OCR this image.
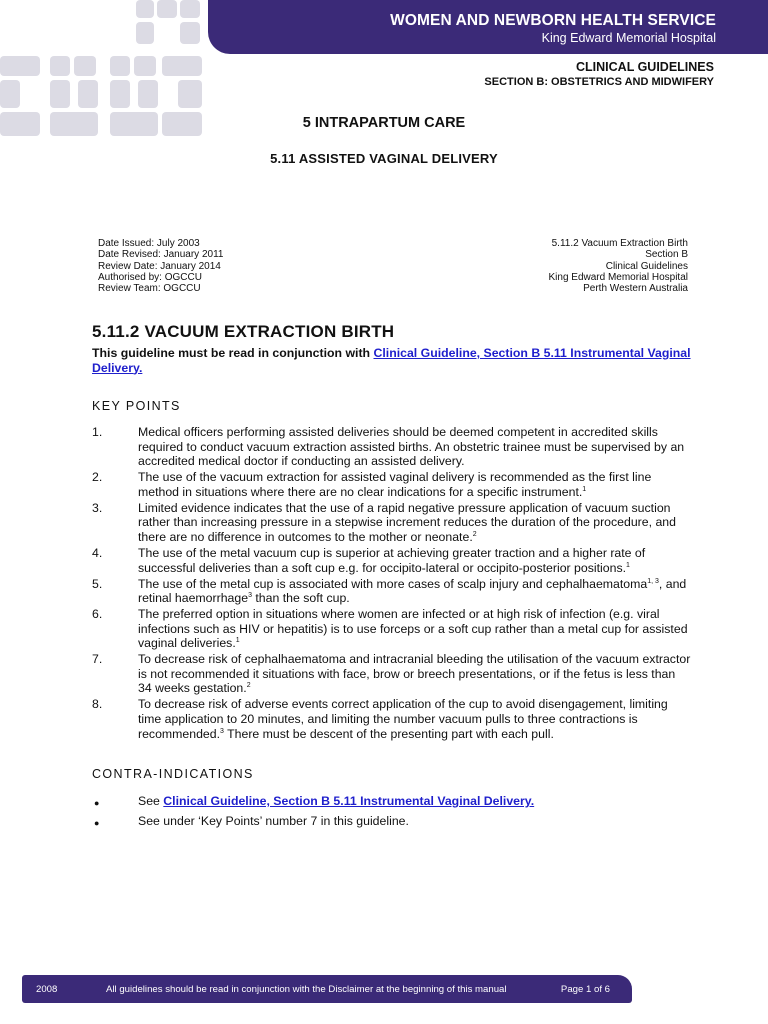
WOMEN AND NEWBORN HEALTH SERVICE
King Edward Memorial Hospital
CLINICAL GUIDELINES
SECTION B: OBSTETRICS AND MIDWIFERY
5 INTRAPARTUM CARE
5.11 ASSISTED VAGINAL DELIVERY
Date Issued: July 2003
Date Revised: January 2011
Review Date: January 2014
Authorised by: OGCCU
Review Team: OGCCU
5.11.2 Vacuum Extraction Birth
Section B
Clinical Guidelines
King Edward Memorial Hospital
Perth Western Australia
5.11.2 VACUUM EXTRACTION BIRTH
This guideline must be read in conjunction with Clinical Guideline, Section B 5.11 Instrumental Vaginal Delivery.
KEY POINTS
1.	Medical officers performing assisted deliveries should be deemed competent in accredited skills required to conduct vacuum extraction assisted births. An obstetric trainee must be supervised by an accredited medical doctor if conducting an assisted delivery.
2.	The use of the vacuum extraction for assisted vaginal delivery is recommended as the first line method in situations where there are no clear indications for a specific instrument.$^1$
3.	Limited evidence indicates that the use of a rapid negative pressure application of vacuum suction rather than increasing pressure in a stepwise increment reduces the duration of the procedure, and there are no difference in outcomes to the mother or neonate.$^2$
4.	The use of the metal vacuum cup is superior at achieving greater traction and a higher rate of successful deliveries than a soft cup e.g. for occipito-lateral or occipito-posterior positions.$^1$
5.	The use of the metal cup is associated with more cases of scalp injury and cephalhaematoma$^{1, 3}$, and retinal haemorrhage$^3$ than the soft cup.
6.	The preferred option in situations where women are infected or at high risk of infection (e.g. viral infections such as HIV or hepatitis) is to use forceps or a soft cup rather than a metal cup for assisted vaginal deliveries.$^1$
7.	To decrease risk of cephalhaematoma and intracranial bleeding the utilisation of the vacuum extractor is not recommended it situations with face, brow or breech presentations, or if the fetus is less than 34 weeks gestation.$^2$
8.	To decrease risk of adverse events correct application of the cup to avoid disengagement, limiting time application to 20 minutes, and limiting the number vacuum pulls to three contractions is recommended.$^3$ There must be descent of the presenting part with each pull.
CONTRA-INDICATIONS
●	See Clinical Guideline, Section B 5.11 Instrumental Vaginal Delivery.
●	See under ‘Key Points’ number 7 in this guideline.
2008	All guidelines should be read in conjunction with the Disclaimer at the beginning of this manual	Page 1 of 6
